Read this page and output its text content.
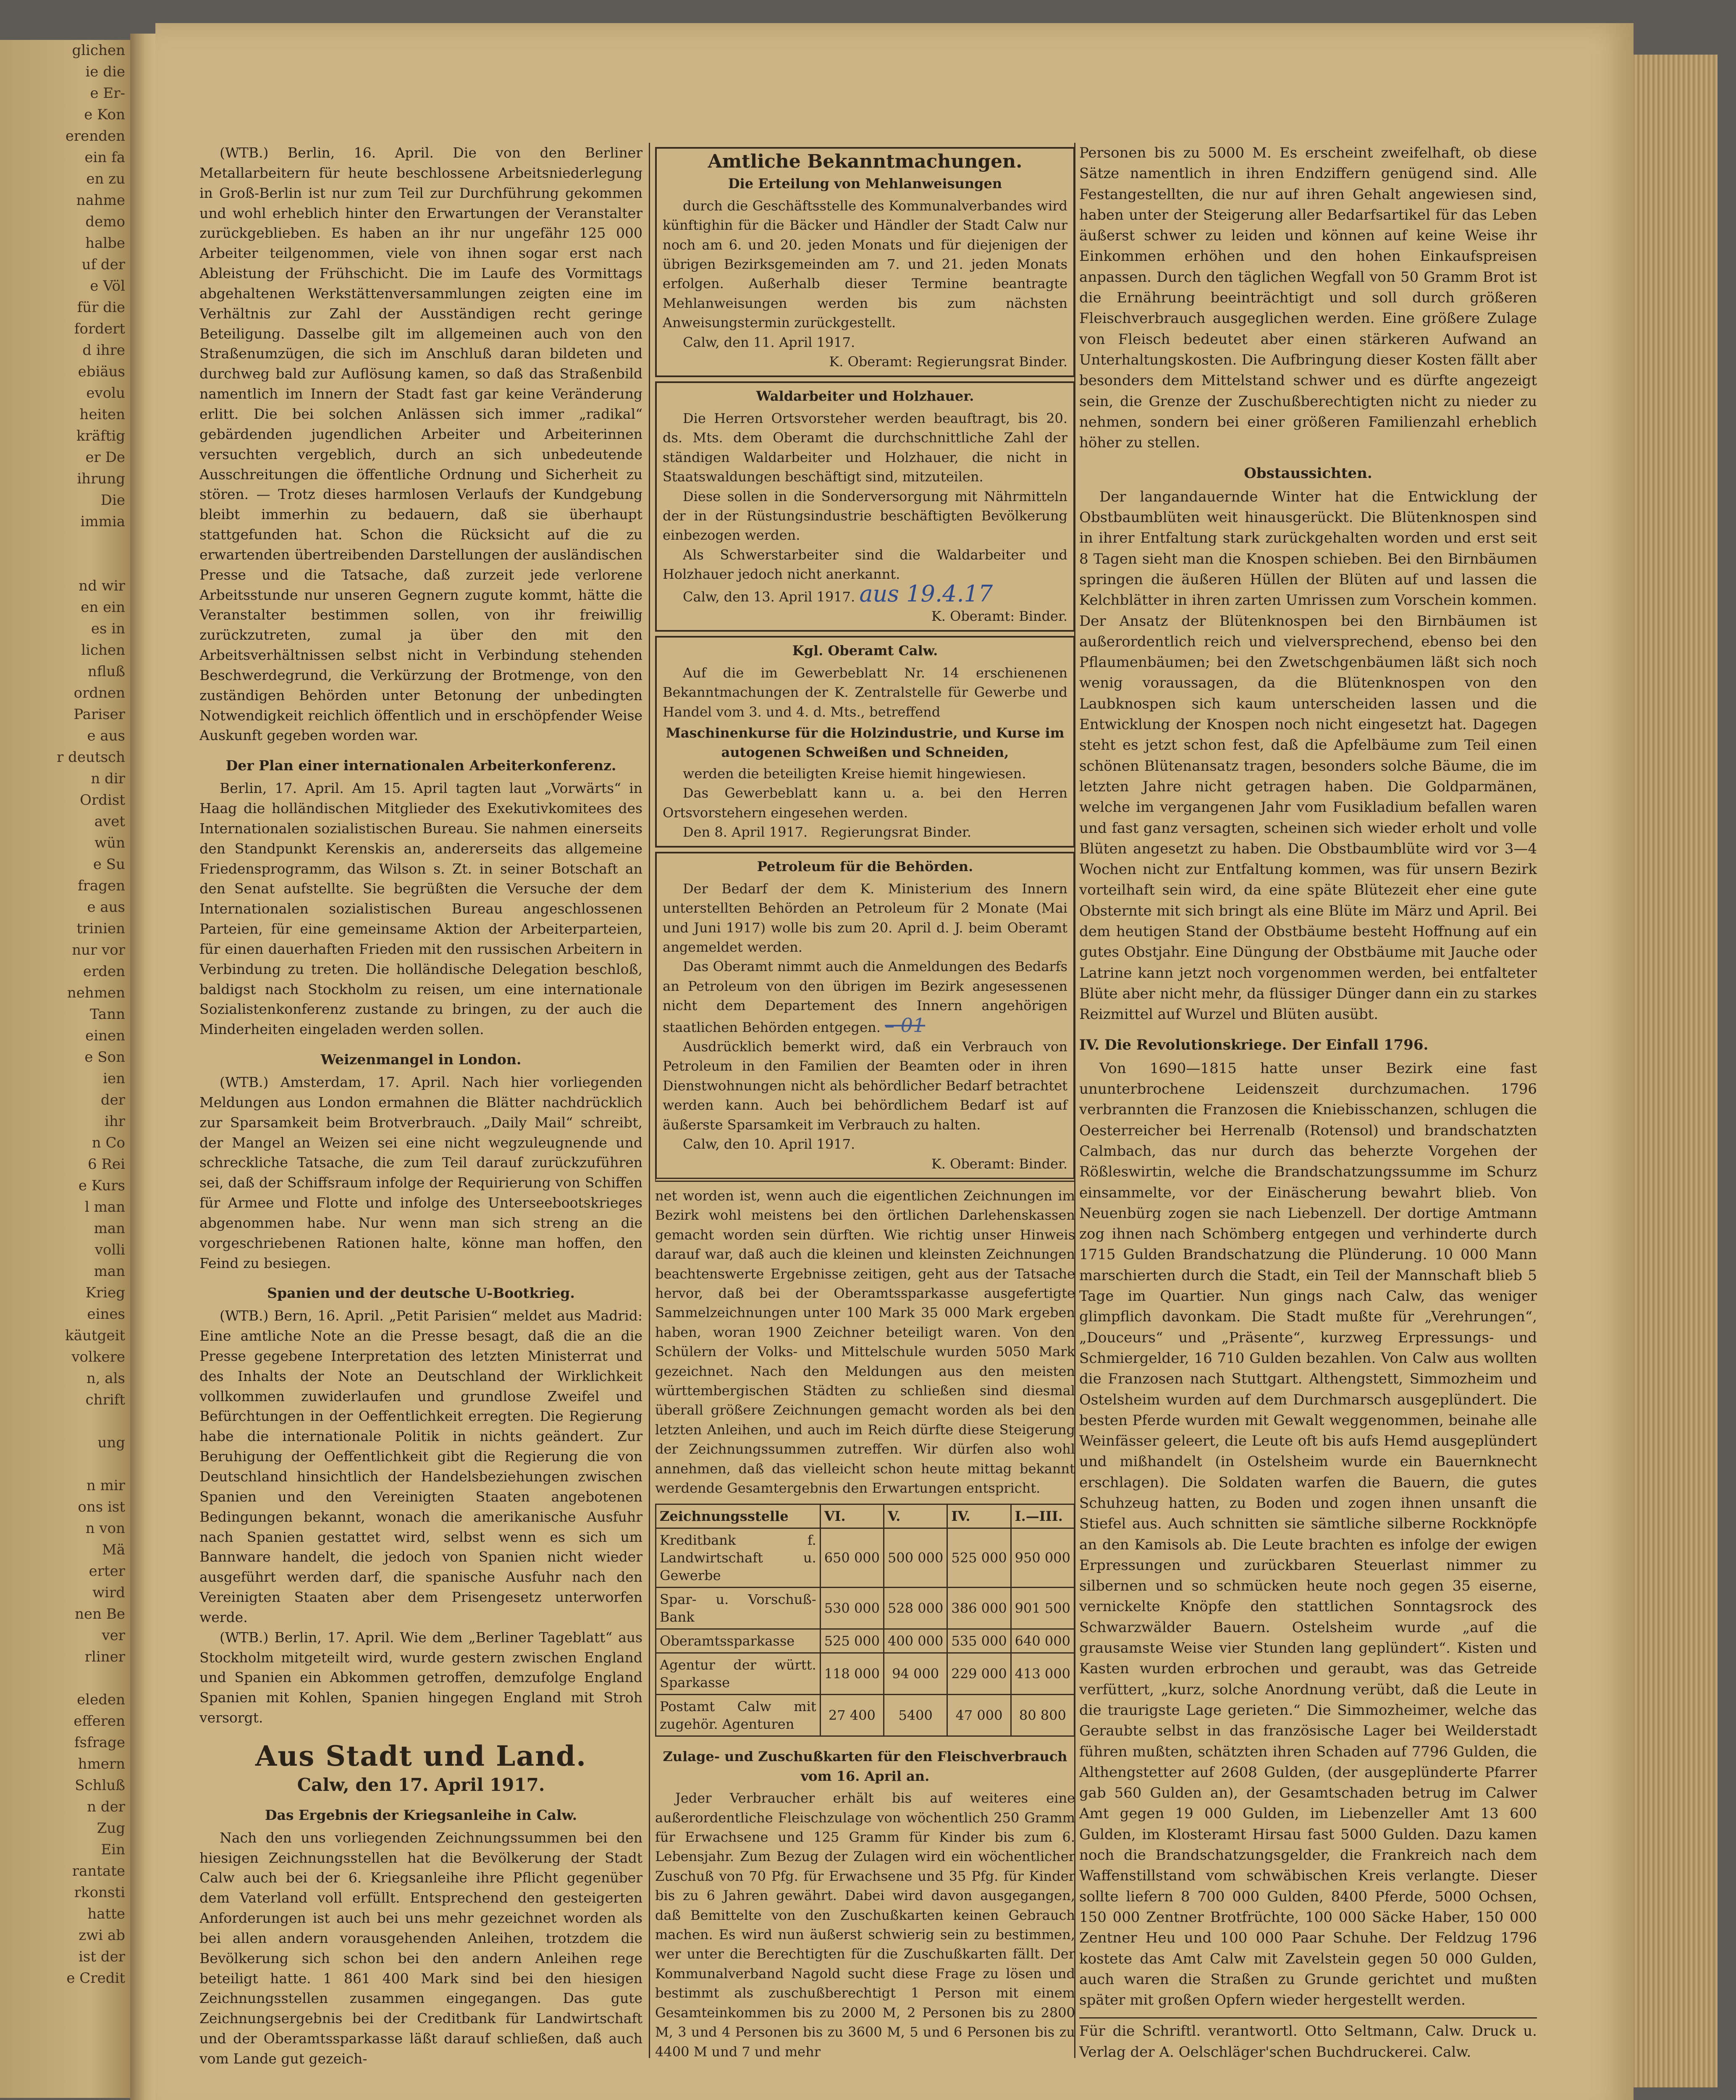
glichen
ie die
e Er-
e Kon
erenden
ein fa
en zu
nahme
demo
halbe
uf der
e Völ
für die
fordert
d ihre
ebiäus
evolu
heiten
kräftig
er De
ihrung
Die
immia

nd wir
en ein
es in
lichen
nfluß
ordnen
Pariser
e aus
r deutsch
n dir
Ordist
avet
wün
e Su
fragen
e aus
trinien
nur vor
erden
nehmen
Tann
einen
e Son
ien
der
ihr
n Co
6 Rei
e Kurs
l man
man
volli
man
Krieg
eines
käutgeit
volkere
n, als
chrift

ung

n mir
ons ist
n von
Mä
erter
wird
nen Be
ver
rliner

eleden
efferen
fsfrage
hmern
Schluß
n der
Zug
Ein
rantate
rkonsti
hatte
zwi ab
ist der
e Credit

(WTB.) Berlin, 16. April. Die von den Berliner Metallarbeitern für heute beschlossene Arbeitsniederlegung in Groß-Berlin ist nur zum Teil zur Durchführung gekommen und wohl erheblich hinter den Erwartungen der Veranstalter zurückgeblieben. Es haben an ihr nur ungefähr 125 000 Arbeiter teilgenommen, viele von ihnen sogar erst nach Ableistung der Frühschicht. Die im Laufe des Vormittags abgehaltenen Werkstättenversammlungen zeigten eine im Verhältnis zur Zahl der Ausständigen recht geringe Beteiligung. Dasselbe gilt im allgemeinen auch von den Straßenumzügen, die sich im Anschluß daran bildeten und durchweg bald zur Auflösung kamen, so daß das Straßenbild namentlich im Innern der Stadt fast gar keine Veränderung erlitt. Die bei solchen Anlässen sich immer „radikal“ gebärdenden jugendlichen Arbeiter und Arbeiterinnen versuchten vergeblich, durch an sich unbedeutende Ausschreitungen die öffentliche Ordnung und Sicherheit zu stören. — Trotz dieses harmlosen Verlaufs der Kundgebung bleibt immerhin zu bedauern, daß sie überhaupt stattgefunden hat. Schon die Rücksicht auf die zu erwartenden übertreibenden Darstellungen der ausländischen Presse und die Tatsache, daß zurzeit jede verlorene Arbeitsstunde nur unseren Gegnern zugute kommt, hätte die Veranstalter bestimmen sollen, von ihr freiwillig zurückzutreten, zumal ja über den mit den Arbeitsverhältnissen selbst nicht in Verbindung stehenden Beschwerdegrund, die Verkürzung der Brotmenge, von den zuständigen Behörden unter Betonung der unbedingten Notwendigkeit reichlich öffentlich und in erschöpfender Weise Auskunft gegeben worden war.

Der Plan einer internationalen Arbeiterkonferenz.

Berlin, 17. April. Am 15. April tagten laut „Vorwärts“ in Haag die holländischen Mitglieder des Exekutivkomitees des Internationalen sozialistischen Bureau. Sie nahmen einerseits den Standpunkt Kerenskis an, andererseits das allgemeine Friedensprogramm, das Wilson s. Zt. in seiner Botschaft an den Senat aufstellte. Sie begrüßten die Versuche der dem Internationalen sozialistischen Bureau angeschlossenen Parteien, für eine gemeinsame Aktion der Arbeiterparteien, für einen dauerhaften Frieden mit den russischen Arbeitern in Verbindung zu treten. Die holländische Delegation beschloß, baldigst nach Stockholm zu reisen, um eine internationale Sozialistenkonferenz zustande zu bringen, zu der auch die Minderheiten eingeladen werden sollen.

Weizenmangel in London.

(WTB.) Amsterdam, 17. April. Nach hier vorliegenden Meldungen aus London ermahnen die Blätter nachdrücklich zur Sparsamkeit beim Brotverbrauch. „Daily Mail“ schreibt, der Mangel an Weizen sei eine nicht wegzuleugnende und schreckliche Tatsache, die zum Teil darauf zurückzuführen sei, daß der Schiffsraum infolge der Requirierung von Schiffen für Armee und Flotte und infolge des Unterseebootskrieges abgenommen habe. Nur wenn man sich streng an die vorgeschriebenen Rationen halte, könne man hoffen, den Feind zu besiegen.

Spanien und der deutsche U-Bootkrieg.

(WTB.) Bern, 16. April. „Petit Parisien“ meldet aus Madrid: Eine amtliche Note an die Presse besagt, daß die an die Presse gegebene Interpretation des letzten Ministerrat und des Inhalts der Note an Deutschland der Wirklichkeit vollkommen zuwiderlaufen und grundlose Zweifel und Befürchtungen in der Oeffentlichkeit erregten. Die Regierung habe die internationale Politik in nichts geändert. Zur Beruhigung der Oeffentlichkeit gibt die Regierung die von Deutschland hinsichtlich der Handelsbeziehungen zwischen Spanien und den Vereinigten Staaten angebotenen Bedingungen bekannt, wonach die amerikanische Ausfuhr nach Spanien gestattet wird, selbst wenn es sich um Bannware handelt, die jedoch von Spanien nicht wieder ausgeführt werden darf, die spanische Ausfuhr nach den Vereinigten Staaten aber dem Prisengesetz unterworfen werde.

(WTB.) Berlin, 17. April. Wie dem „Berliner Tageblatt“ aus Stockholm mitgeteilt wird, wurde gestern zwischen England und Spanien ein Abkommen getroffen, demzufolge England Spanien mit Kohlen, Spanien hingegen England mit Stroh versorgt.

Aus Stadt und Land.
Calw, den 17. April 1917.
Das Ergebnis der Kriegsanleihe in Calw.

Nach den uns vorliegenden Zeichnungssummen bei den hiesigen Zeichnungsstellen hat die Bevölkerung der Stadt Calw auch bei der 6. Kriegsanleihe ihre Pflicht gegenüber dem Vaterland voll erfüllt. Entsprechend den gesteigerten Anforderungen ist auch bei uns mehr gezeichnet worden als bei allen andern vorausgehenden Anleihen, trotzdem die Bevölkerung sich schon bei den andern Anleihen rege beteiligt hatte. 1 861 400 Mark sind bei den hiesigen Zeichnungsstellen zusammen eingegangen. Das gute Zeichnungsergebnis bei der Creditbank für Landwirtschaft und der Oberamtssparkasse läßt darauf schließen, daß auch vom Lande gut gezeich-

Amtliche Bekanntmachungen.
Die Erteilung von Mehlanweisungen

durch die Geschäftsstelle des Kommunalverbandes wird künftighin für die Bäcker und Händler der Stadt Calw nur noch am 6. und 20. jeden Monats und für diejenigen der übrigen Bezirksgemeinden am 7. und 21. jeden Monats erfolgen. Außerhalb dieser Termine beantragte Mehlanweisungen werden bis zum nächsten Anweisungstermin zurückgestellt.

Calw, den 11. April 1917.

K. Oberamt: Regierungsrat Binder.

Waldarbeiter und Holzhauer.

Die Herren Ortsvorsteher werden beauftragt, bis 20. ds. Mts. dem Oberamt die durchschnittliche Zahl der ständigen Waldarbeiter und Holzhauer, die nicht in Staatswaldungen beschäftigt sind, mitzuteilen.

Diese sollen in die Sonderversorgung mit Nährmitteln der in der Rüstungsindustrie beschäftigten Bevölkerung einbezogen werden.

Als Schwerstarbeiter sind die Waldarbeiter und Holzhauer jedoch nicht anerkannt.

Calw, den 13. April 1917. aus 19.4.17

K. Oberamt: Binder.

Kgl. Oberamt Calw.

Auf die im Gewerbeblatt Nr. 14 erschienenen Bekanntmachungen der K. Zentralstelle für Gewerbe und Handel vom 3. und 4. d. Mts., betreffend

Maschinenkurse für die Holzindustrie, und Kurse im autogenen Schweißen und Schneiden,

werden die beteiligten Kreise hiemit hingewiesen.

Das Gewerbeblatt kann u. a. bei den Herren Ortsvorstehern eingesehen werden.

Den 8. April 1917. Regierungsrat Binder.

Petroleum für die Behörden.

Der Bedarf der dem K. Ministerium des Innern unterstellten Behörden an Petroleum für 2 Monate (Mai und Juni 1917) wolle bis zum 20. April d. J. beim Oberamt angemeldet werden.

Das Oberamt nimmt auch die Anmeldungen des Bedarfs an Petroleum von den übrigen im Bezirk angesessenen nicht dem Departement des Innern angehörigen staatlichen Behörden entgegen. – 01

Ausdrücklich bemerkt wird, daß ein Verbrauch von Petroleum in den Familien der Beamten oder in ihren Dienstwohnungen nicht als behördlicher Bedarf betrachtet werden kann. Auch bei behördlichem Bedarf ist auf äußerste Sparsamkeit im Verbrauch zu halten.

Calw, den 10. April 1917.

K. Oberamt: Binder.

net worden ist, wenn auch die eigentlichen Zeichnungen im Bezirk wohl meistens bei den örtlichen Darlehenskassen gemacht worden sein dürften. Wie richtig unser Hinweis darauf war, daß auch die kleinen und kleinsten Zeichnungen beachtenswerte Ergebnisse zeitigen, geht aus der Tatsache hervor, daß bei der Oberamtssparkasse ausgefertigte Sammelzeichnungen unter 100 Mark 35 000 Mark ergeben haben, woran 1900 Zeichner beteiligt waren. Von den Schülern der Volks- und Mittelschule wurden 5050 Mark gezeichnet. Nach den Meldungen aus den meisten württembergischen Städten zu schließen sind diesmal überall größere Zeichnungen gemacht worden als bei den letzten Anleihen, und auch im Reich dürfte diese Steigerung der Zeichnungssummen zutreffen. Wir dürfen also wohl annehmen, daß das vielleicht schon heute mittag bekannt werdende Gesamtergebnis den Erwartungen entspricht.

Zeichnungsstelle	VI.	V.	IV.	I.—III.
Kreditbank f. Landwirtschaft u. Gewerbe	650 000	500 000	525 000	950 000
Spar- u. Vorschuß-Bank	530 000	528 000	386 000	901 500
Oberamtssparkasse	525 000	400 000	535 000	640 000
Agentur der württ. Sparkasse	118 000	94 000	229 000	413 000
Postamt Calw mit zugehör. Agenturen	27 400	5400	47 000	80 800
Zulage- und Zuschußkarten für den Fleischverbrauch vom 16. April an.

Jeder Verbraucher erhält bis auf weiteres eine außerordentliche Fleischzulage von wöchentlich 250 Gramm für Erwachsene und 125 Gramm für Kinder bis zum 6. Lebensjahr. Zum Bezug der Zulagen wird ein wöchentlicher Zuschuß von 70 Pfg. für Erwachsene und 35 Pfg. für Kinder bis zu 6 Jahren gewährt. Dabei wird davon ausgegangen, daß Bemittelte von den Zuschußkarten keinen Gebrauch machen. Es wird nun äußerst schwierig sein zu bestimmen, wer unter die Berechtigten für die Zuschußkarten fällt. Der Kommunalverband Nagold sucht diese Frage zu lösen und bestimmt als zuschußberechtigt 1 Person mit einem Gesamteinkommen bis zu 2000 M, 2 Personen bis zu 2800 M, 3 und 4 Personen bis zu 3600 M, 5 und 6 Personen bis zu 4400 M und 7 und mehr

Personen bis zu 5000 M. Es erscheint zweifelhaft, ob diese Sätze namentlich in ihren Endziffern genügend sind. Alle Festangestellten, die nur auf ihren Gehalt angewiesen sind, haben unter der Steigerung aller Bedarfsartikel für das Leben äußerst schwer zu leiden und können auf keine Weise ihr Einkommen erhöhen und den hohen Einkaufspreisen anpassen. Durch den täglichen Wegfall von 50 Gramm Brot ist die Ernährung beeinträchtigt und soll durch größeren Fleischverbrauch ausgeglichen werden. Eine größere Zulage von Fleisch bedeutet aber einen stärkeren Aufwand an Unterhaltungskosten. Die Aufbringung dieser Kosten fällt aber besonders dem Mittelstand schwer und es dürfte angezeigt sein, die Grenze der Zuschußberechtigten nicht zu nieder zu nehmen, sondern bei einer größeren Familienzahl erheblich höher zu stellen.

Obstaussichten.

Der langandauernde Winter hat die Entwicklung der Obstbaumblüten weit hinausgerückt. Die Blütenknospen sind in ihrer Entfaltung stark zurückgehalten worden und erst seit 8 Tagen sieht man die Knospen schieben. Bei den Birnbäumen springen die äußeren Hüllen der Blüten auf und lassen die Kelchblätter in ihren zarten Umrissen zum Vorschein kommen. Der Ansatz der Blütenknospen bei den Birnbäumen ist außerordentlich reich und vielversprechend, ebenso bei den Pflaumenbäumen; bei den Zwetschgenbäumen läßt sich noch wenig voraussagen, da die Blütenknospen von den Laubknospen sich kaum unterscheiden lassen und die Entwicklung der Knospen noch nicht eingesetzt hat. Dagegen steht es jetzt schon fest, daß die Apfelbäume zum Teil einen schönen Blütenansatz tragen, besonders solche Bäume, die im letzten Jahre nicht getragen haben. Die Goldparmänen, welche im vergangenen Jahr vom Fusikladium befallen waren und fast ganz versagten, scheinen sich wieder erholt und volle Blüten angesetzt zu haben. Die Obstbaumblüte wird vor 3—4 Wochen nicht zur Entfaltung kommen, was für unsern Bezirk vorteilhaft sein wird, da eine späte Blütezeit eher eine gute Obsternte mit sich bringt als eine Blüte im März und April. Bei dem heutigen Stand der Obstbäume besteht Hoffnung auf ein gutes Obstjahr. Eine Düngung der Obstbäume mit Jauche oder Latrine kann jetzt noch vorgenommen werden, bei entfalteter Blüte aber nicht mehr, da flüssiger Dünger dann ein zu starkes Reizmittel auf Wurzel und Blüten ausübt.

IV. Die Revolutionskriege. Der Einfall 1796.

Von 1690—1815 hatte unser Bezirk eine fast ununterbrochene Leidenszeit durchzumachen. 1796 verbrannten die Franzosen die Kniebisschanzen, schlugen die Oesterreicher bei Herrenalb (Rotensol) und brandschatzten Calmbach, das nur durch das beherzte Vorgehen der Rößleswirtin, welche die Brandschatzungssumme im Schurz einsammelte, vor der Einäscherung bewahrt blieb. Von Neuenbürg zogen sie nach Liebenzell. Der dortige Amtmann zog ihnen nach Schömberg entgegen und verhinderte durch 1715 Gulden Brandschatzung die Plünderung. 10 000 Mann marschierten durch die Stadt, ein Teil der Mannschaft blieb 5 Tage im Quartier. Nun gings nach Calw, das weniger glimpflich davonkam. Die Stadt mußte für „Verehrungen“, „Douceurs“ und „Präsente“, kurzweg Erpressungs- und Schmiergelder, 16 710 Gulden bezahlen. Von Calw aus wollten die Franzosen nach Stuttgart. Althengstett, Simmozheim und Ostelsheim wurden auf dem Durchmarsch ausgeplündert. Die besten Pferde wurden mit Gewalt weggenommen, beinahe alle Weinfässer geleert, die Leute oft bis aufs Hemd ausgeplündert und mißhandelt (in Ostelsheim wurde ein Bauernknecht erschlagen). Die Soldaten warfen die Bauern, die gutes Schuhzeug hatten, zu Boden und zogen ihnen unsanft die Stiefel aus. Auch schnitten sie sämtliche silberne Rockknöpfe an den Kamisols ab. Die Leute brachten es infolge der ewigen Erpressungen und zurückbaren Steuerlast nimmer zu silbernen und so schmücken heute noch gegen 35 eiserne, vernickelte Knöpfe den stattlichen Sonntagsrock des Schwarzwälder Bauern. Ostelsheim wurde „auf die grausamste Weise vier Stunden lang geplündert“. Kisten und Kasten wurden erbrochen und geraubt, was das Getreide verfüttert, „kurz, solche Anordnung verübt, daß die Leute in die traurigste Lage gerieten.“ Die Simmozheimer, welche das Geraubte selbst in das französische Lager bei Weilderstadt führen mußten, schätzten ihren Schaden auf 7796 Gulden, die Althengstetter auf 2608 Gulden, (der ausgeplünderte Pfarrer gab 560 Gulden an), der Gesamtschaden betrug im Calwer Amt gegen 19 000 Gulden, im Liebenzeller Amt 13 600 Gulden, im Klosteramt Hirsau fast 5000 Gulden. Dazu kamen noch die Brandschatzungsgelder, die Frankreich nach dem Waffenstillstand vom schwäbischen Kreis verlangte. Dieser sollte liefern 8 700 000 Gulden, 8400 Pferde, 5000 Ochsen, 150 000 Zentner Brotfrüchte, 100 000 Säcke Haber, 150 000 Zentner Heu und 100 000 Paar Schuhe. Der Feldzug 1796 kostete das Amt Calw mit Zavelstein gegen 50 000 Gulden, auch waren die Straßen zu Grunde gerichtet und mußten später mit großen Opfern wieder hergestellt werden.

Für die Schriftl. verantwortl. Otto Seltmann, Calw. Druck u. Verlag der A. Oelschläger'schen Buchdruckerei. Calw.
